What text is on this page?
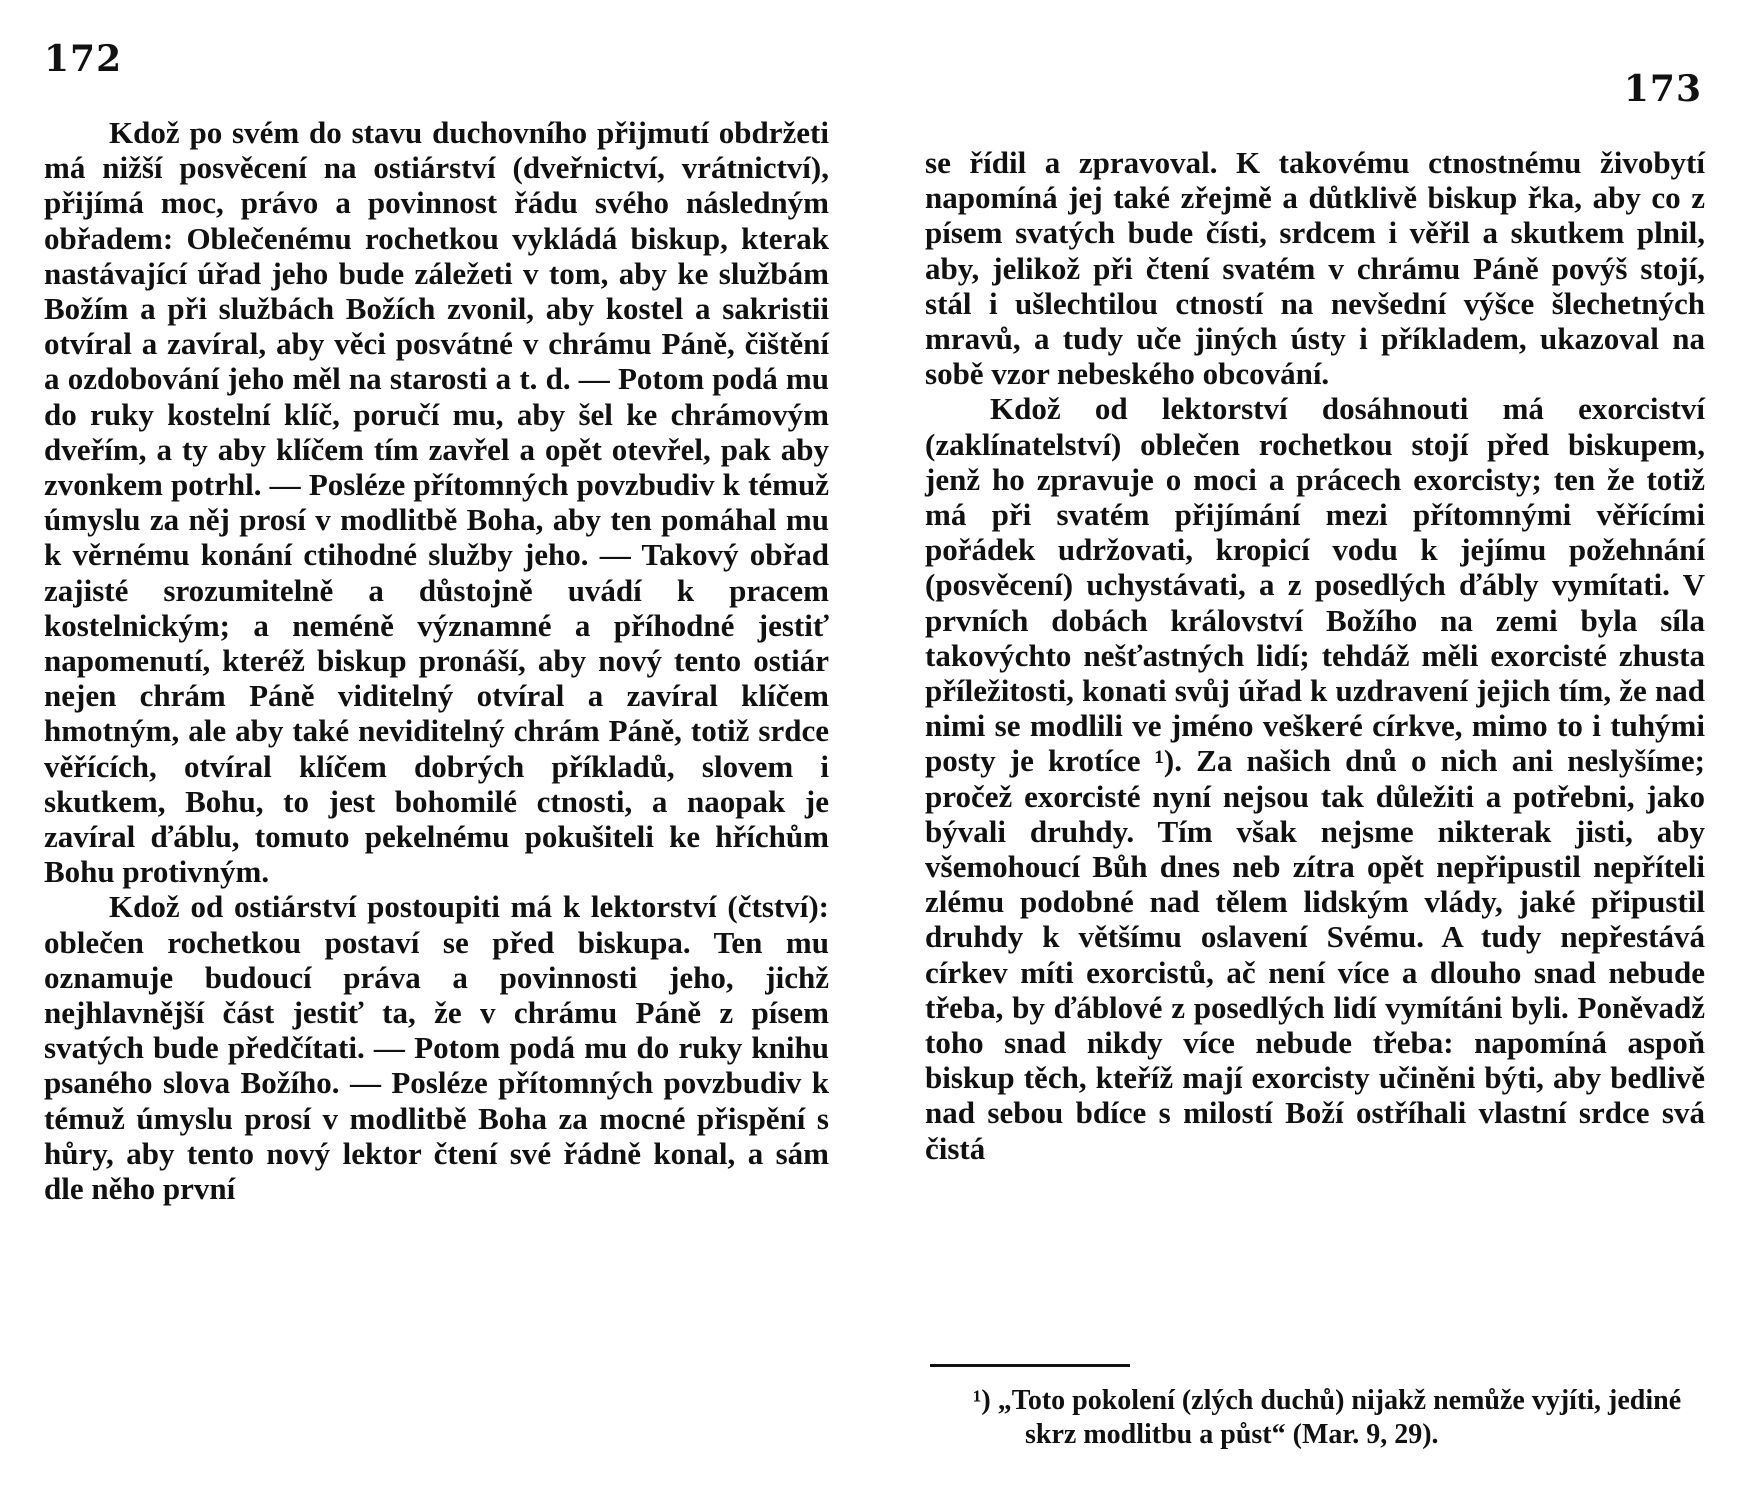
172

Kdož po svém do stavu duchovního přijmutí obdržeti má nižší posvěcení na ostiárství (dveřnictví, vrátnictví), přijímá moc, právo a povinnost řádu svého následným obřadem: Oblečenému rochetkou vykládá biskup, kterak nastávající úřad jeho bude záležeti v tom, aby ke službám Božím a při službách Božích zvonil, aby kostel a sakristii otvíral a zavíral, aby věci posvátné v chrámu Páně, čištění a ozdobování jeho měl na starosti a t. d. — Potom podá mu do ruky kostelní klíč, poručí mu, aby šel ke chrámovým dveřím, a ty aby klíčem tím zavřel a opět otevřel, pak aby zvonkem potrhl. — Posléze přítomných povzbudiv k témuž úmyslu za něj prosí v modlitbě Boha, aby ten pomáhal mu k věrnému konání ctihodné služby jeho. — Takový obřad zajisté srozumitelně a důstojně uvádí k pracem kostelnickým; a neméně významné a příhodné jestiť napomenutí, kteréž biskup pronáší, aby nový tento ostiár nejen chrám Páně viditelný otvíral a zavíral klíčem hmotným, ale aby také neviditelný chrám Páně, totiž srdce věřících, otvíral klíčem dobrých příkladů, slovem i skutkem, Bohu, to jest bohomilé ctnosti, a naopak je zavíral ďáblu, tomuto pekelnému pokušiteli ke hříchům Bohu protivným.

Kdož od ostiárství postoupiti má k lektorství (čtství): oblečen rochetkou postaví se před biskupa. Ten mu oznamuje budoucí práva a povinnosti jeho, jichž nejhlavnější část jestiť ta, že v chrámu Páně z písem svatých bude předčítati. — Potom podá mu do ruky knihu psaného slova Božího. — Posléze přítomných povzbudiv k témuž úmyslu prosí v modlitbě Boha za mocné přispění s hůry, aby tento nový lektor čtení své řádně konal, a sám dle něho první

173

se řídil a zpravoval. K takovému ctnostnému živobytí napomíná jej také zřejmě a důtklivě biskup řka, aby co z písem svatých bude čísti, srdcem i věřil a skutkem plnil, aby, jelikož při čtení svatém v chrámu Páně povýš stojí, stál i ušlechtilou ctností na nevšední výšce šlechetných mravů, a tudy uče jiných ústy i příkladem, ukazoval na sobě vzor nebeského obcování.

Kdož od lektorství dosáhnouti má exorciství (zaklínatelství) oblečen rochetkou stojí před biskupem, jenž ho zpravuje o moci a prácech exorcisty; ten že totiž má při svatém přijímání mezi přítomnými věřícími pořádek udržovati, kropicí vodu k jejímu požehnání (posvěcení) uchystávati, a z posedlých ďábly vymítati. V prvních dobách království Božího na zemi byla síla takovýchto nešťastných lidí; tehdáž měli exorcisté zhusta příležitosti, konati svůj úřad k uzdravení jejich tím, že nad nimi se modlili ve jméno veškeré církve, mimo to i tuhými posty je krotíce ¹). Za našich dnů o nich ani neslyšíme; pročež exorcisté nyní nejsou tak důležiti a potřebni, jako bývali druhdy. Tím však nejsme nikterak jisti, aby všemohoucí Bůh dnes neb zítra opět nepřipustil nepříteli zlému podobné nad tělem lidským vlády, jaké připustil druhdy k většímu oslavení Svému. A tudy nepřestává církev míti exorcistů, ač není více a dlouho snad nebude třeba, by ďáblové z posedlých lidí vymítáni byli. Poněvadž toho snad nikdy více nebude třeba: napomíná aspoň biskup těch, kteříž mají exorcisty učiněni býti, aby bedlivě nad sebou bdíce s milostí Boží ostříhali vlastní srdce svá čistá

¹) „Toto pokolení (zlých duchů) nijakž nemůže vyjíti, jediné skrz modlitbu a půst“ (Mar. 9, 29).
